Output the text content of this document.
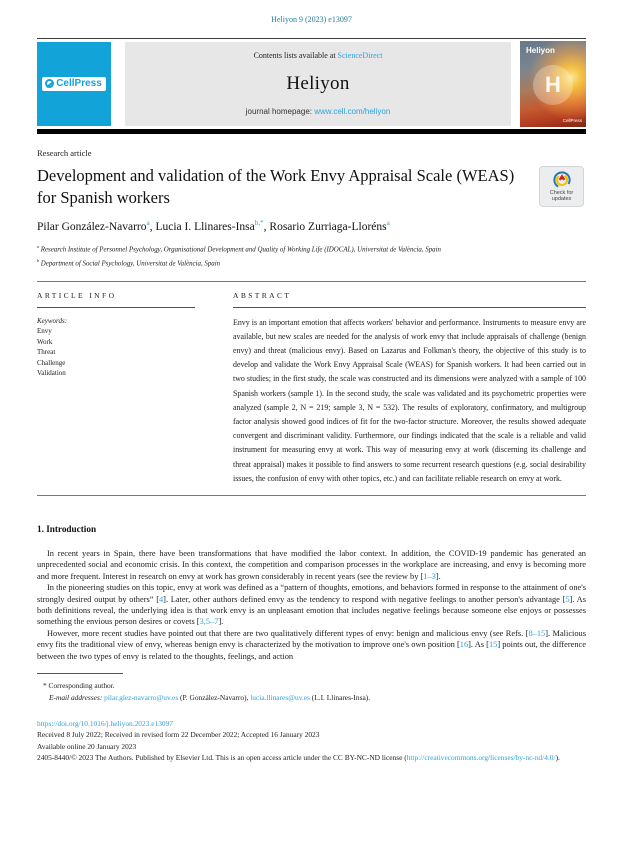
Heliyon 9 (2023) e13097
CellPress
Contents lists available at ScienceDirect
Heliyon
journal homepage: www.cell.com/heliyon
Heliyon
H
CellPress
Research article
Development and validation of the Work Envy Appraisal Scale (WEAS) for Spanish workers	Check for
updates
Pilar González-Navarro$^a$, Lucia I. Llinares-Insa$^{b,*}$, Rosario Zurriaga-Lloréns$^a$
$^a$ Research Institute of Personnel Psychology, Organisational Development and Quality of Working Life (IDOCAL), Universitat de València, Spain
$^b$ Department of Social Psychology, Universitat de València, Spain
ARTICLE INFO
Keywords:
Envy
Work
Threat
Challenge
Validation
ABSTRACT
Envy is an important emotion that affects workers' behavior and performance. Instruments to measure envy are available, but new scales are needed for the analysis of work envy that include appraisals of challenge (benign envy) and threat (malicious envy). Based on Lazarus and Folkman's theory, the objective of this study is to develop and validate the Work Envy Appraisal Scale (WEAS) for Spanish workers. It had been carried out in two studies; in the first study, the scale was constructed and its dimensions were analyzed with a sample of 100 Spanish workers (sample 1). In the second study, the scale was validated and its psychometric properties were analyzed (sample 2, N = 219; sample 3, N = 532). The results of exploratory, confirmatory, and multigroup factor analysis showed good indices of fit for the two-factor structure. Moreover, the results showed adequate convergent and discriminant validity. Furthermore, our findings indicated that the scale is a reliable and valid instrument for measuring envy at work. This way of measuring envy at work (discerning its challenge and threat appraisal) makes it possible to find answers to some recurrent research questions (e.g. social desirability issues, the confusion of envy with other topics, etc.) and can facilitate reliable research on envy at work.
1. Introduction

In recent years in Spain, there have been transformations that have modified the labor context. In addition, the COVID-19 pandemic has generated an unprecedented social and economic crisis. In this context, the competition and comparison processes in the workplace are increasing, and envy is becoming more and more frequent. Interest in research on envy at work has grown considerably in recent years (see the review by [1–3].

In the pioneering studies on this topic, envy at work was defined as a “pattern of thoughts, emotions, and behaviors formed in response to the attainment of one's strongly desired output by others” [4]. Later, other authors defined envy as the tendency to respond with negative feelings to another person's advantage [5]. As both definitions reveal, the underlying idea is that work envy is an unpleasant emotion that includes negative feelings because someone else enjoys or possesses something the envious person desires or covets [3,5–7].

However, more recent studies have pointed out that there are two qualitatively different types of envy: benign and malicious envy (see Refs. [8–15]. Malicious envy fits the traditional view of envy, whereas benign envy is characterized by the motivation to improve one's own position [16]. As [15] points out, the difference between the two types of envy is related to the thoughts, feelings, and action

* Corresponding author.
E-mail addresses: pilar.glez-navarro@uv.es (P. González-Navarro), lucia.llinares@uv.es (L.I. Llinares-Insa).
https://doi.org/10.1016/j.heliyon.2023.e13097
Received 8 July 2022; Received in revised form 22 December 2022; Accepted 16 January 2023
Available online 20 January 2023

2405-8440/© 2023 The Authors. Published by Elsevier Ltd. This is an open access article under the CC BY-NC-ND license (http://creativecommons.org/licenses/by-nc-nd/4.0/).
